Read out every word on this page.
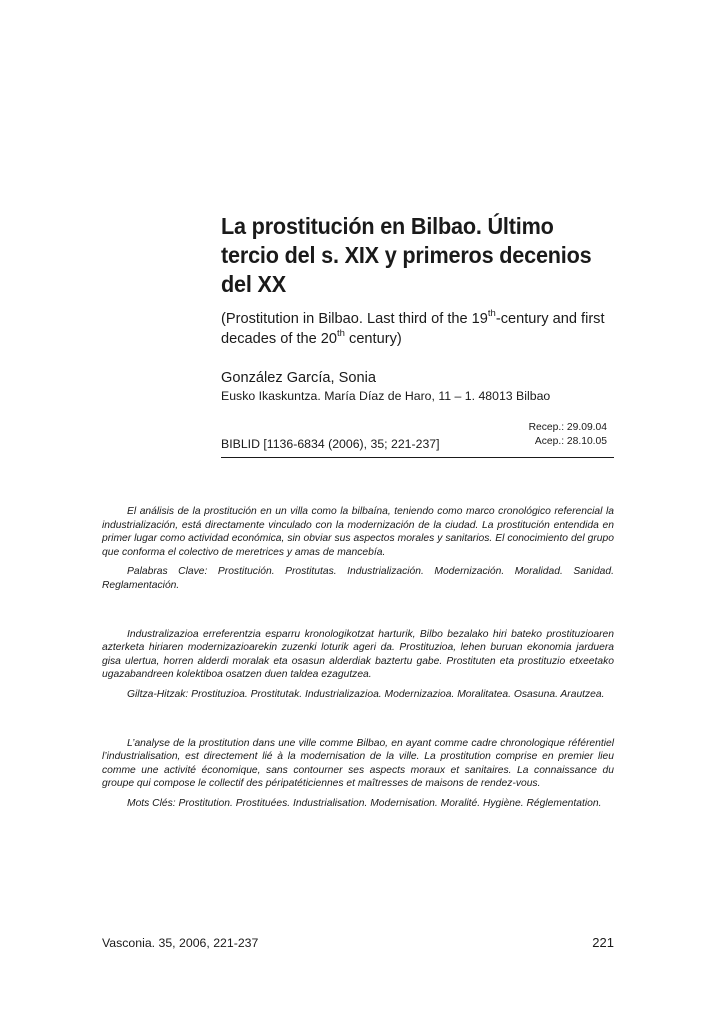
La prostitución en Bilbao. Último tercio del s. XIX y primeros decenios del XX

(Prostitution in Bilbao. Last third of the 19th-century and first decades of the 20th century)

González García, Sonia
Eusko Ikaskuntza. María Díaz de Haro, 11 – 1. 48013 Bilbao
BIBLID [1136-6834 (2006), 35; 221-237]
Recep.: 29.09.04
Acep.: 28.10.05

El análisis de la prostitución en un villa como la bilbaína, teniendo como marco cronológico referencial la industrialización, está directamente vinculado con la modernización de la ciudad. La prostitución entendida en primer lugar como actividad económica, sin obviar sus aspectos morales y sanitarios. El conocimiento del grupo que conforma el colectivo de meretrices y amas de mancebía.

Palabras Clave: Prostitución. Prostitutas. Industrialización. Modernización. Moralidad. Sanidad. Reglamentación.

Industralizazioa erreferentzia esparru kronologikotzat harturik, Bilbo bezalako hiri bateko prostituzioaren azterketa hiriaren modernizazioarekin zuzenki loturik ageri da. Prostituzioa, lehen buruan ekonomia jarduera gisa ulertua, horren alderdi moralak eta osasun alderdiak baztertu gabe. Prostituten eta prostituzio etxeetako ugazabandreen kolektiboa osatzen duen taldea ezagutzea.

Giltza-Hitzak: Prostituzioa. Prostitutak. Industrializazioa. Modernizazioa. Moralitatea. Osasuna. Arautzea.

L’analyse de la prostitution dans une ville comme Bilbao, en ayant comme cadre chronologique référentiel l’industrialisation, est directement lié à la modernisation de la ville. La prostitution comprise en premier lieu comme une activité économique, sans contourner ses aspects moraux et sanitaires. La connaissance du groupe qui compose le collectif des péripatéticiennes et maîtresses de maisons de rendez-vous.

Mots Clés: Prostitution. Prostituées. Industrialisation. Modernisation. Moralité. Hygiène. Réglementation.

Vasconia. 35, 2006, 221-237	221
